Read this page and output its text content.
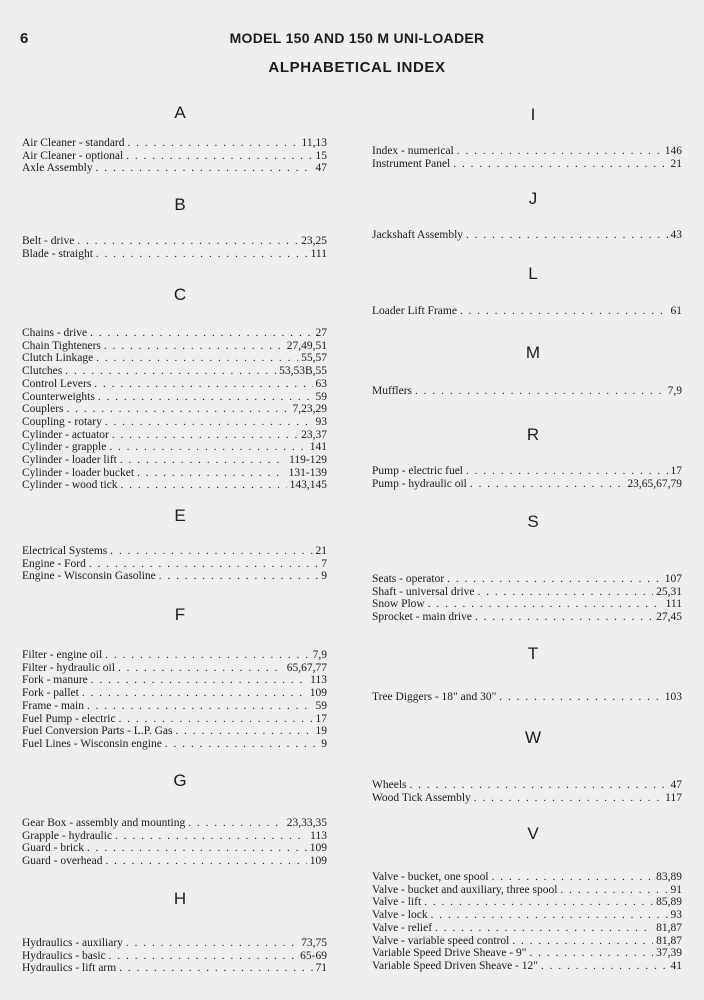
6	MODEL 150 AND 150 M UNI-LOADER
ALPHABETICAL INDEX
A
Air Cleaner - standard . . .	11,13
Air Cleaner - optional . . .	15
Axle Assembly . . .	47
B
Belt - drive . . .	23,25
Blade - straight . . .	111
C
Chains - drive . . .	27
Chain Tighteners . . .	27,49,51
Clutch Linkage . . .	55,57
Clutches . . .	53,53B,55
Control Levers . . .	63
Counterweights . . .	59
Couplers . . .	7,23,29
Coupling - rotary . . .	93
Cylinder - actuator . . .	23,37
Cylinder - grapple . . .	141
Cylinder - loader lift . . .	119-129
Cylinder - loader bucket . . .	131-139
Cylinder - wood tick . . .	143,145
E
Electrical Systems . . .	21
Engine - Ford . . .	7
Engine - Wisconsin Gasoline . . .	9
F
Filter - engine oil . . .	7,9
Filter - hydraulic oil . . .	65,67,77
Fork - manure . . .	113
Fork - pallet . . .	109
Frame - main . . .	59
Fuel Pump - electric . . .	17
Fuel Conversion Parts - L.P. Gas . . .	19
Fuel Lines - Wisconsin engine . . .	9
G
Gear Box - assembly and mounting . . .	23,33,35
Grapple - hydraulic . . .	113
Guard - brick . . .	109
Guard - overhead . . .	109
H
Hydraulics - auxiliary . . .	73,75
Hydraulics - basic . . .	65-69
Hydraulics - lift arm . . .	71
I
Index - numerical . . .	146
Instrument Panel . . .	21
J
Jackshaft Assembly . . .	43
L
Loader Lift Frame . . .	61
M
Mufflers . . .	7,9
R
Pump - electric fuel . . .	17
Pump - hydraulic oil . . .	23,65,67,79
S
Seats - operator . . .	107
Shaft - universal drive . . .	25,31
Snow Plow . . .	111
Sprocket - main drive . . .	27,45
T
Tree Diggers - 18" and 30" . . .	103
W
Wheels . . .	47
Wood Tick Assembly . . .	117
V
Valve - bucket, one spool . . .	83,89
Valve - bucket and auxiliary, three spool . . .	91
Valve - lift . . .	85,89
Valve - lock . . .	93
Valve - relief . . .	81,87
Valve - variable speed control . . .	81,87
Variable Speed Drive Sheave - 9" . . .	37,39
Variable Speed Driven Sheave - 12" . . .	41
